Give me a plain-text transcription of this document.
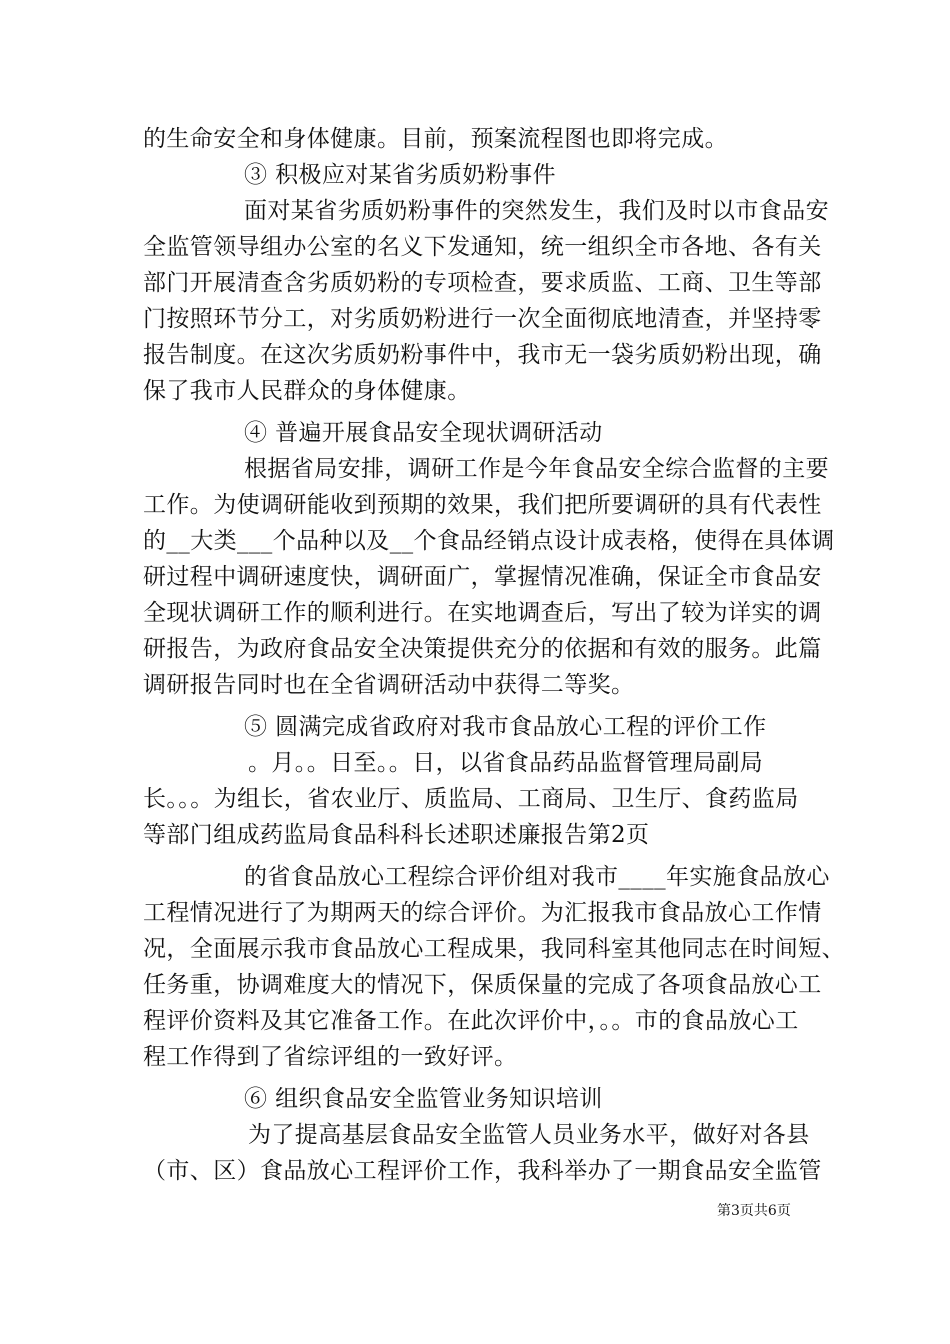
的生命安全和身体健康。目前，预案流程图也即将完成。
③ 积极应对某省劣质奶粉事件
面对某省劣质奶粉事件的突然发生，我们及时以市食品安
全监管领导组办公室的名义下发通知，统一组织全市各地、各有关
部门开展清查含劣质奶粉的专项检查，要求质监、工商、卫生等部
门按照环节分工，对劣质奶粉进行一次全面彻底地清查，并坚持零
报告制度。在这次劣质奶粉事件中，我市无一袋劣质奶粉出现，确
保了我市人民群众的身体健康。
④ 普遍开展食品安全现状调研活动
根据省局安排，调研工作是今年食品安全综合监督的主要
工作。为使调研能收到预期的效果，我们把所要调研的具有代表性
的__大类___个品种以及__个食品经销点设计成表格，使得在具体调
研过程中调研速度快，调研面广，掌握情况准确，保证全市食品安
全现状调研工作的顺利进行。在实地调查后，写出了较为详实的调
研报告，为政府食品安全决策提供充分的依据和有效的服务。此篇
调研报告同时也在全省调研活动中获得二等奖。
⑤ 圆满完成省政府对我市食品放心工程的评价工作
。月。。日至。。日，以省食品药品监督管理局副局
长。。。为组长，省农业厅、质监局、工商局、卫生厅、食药监局
等部门组成药监局食品科科长述职述廉报告第2页
的省食品放心工程综合评价组对我市____年实施食品放心
工程情况进行了为期两天的综合评价。为汇报我市食品放心工作情
况，全面展示我市食品放心工程成果，我同科室其他同志在时间短、
任务重，协调难度大的情况下，保质保量的完成了各项食品放心工
程评价资料及其它准备工作。在此次评价中，。。市的食品放心工
程工作得到了省综评组的一致好评。
⑥ 组织食品安全监管业务知识培训
为了提高基层食品安全监管人员业务水平，做好对各县
（市、区）食品放心工程评价工作，我科举办了一期食品安全监管
第3页共6页
